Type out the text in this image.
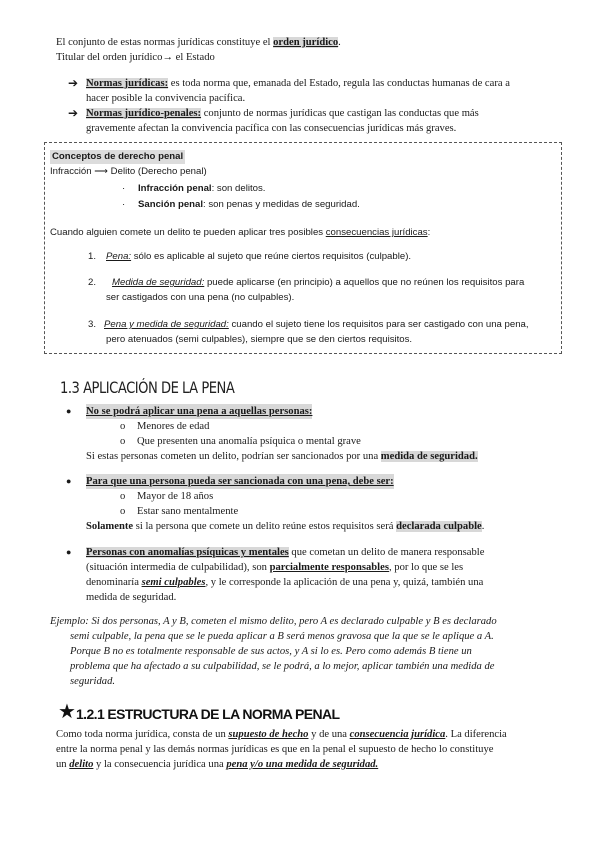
El conjunto de estas normas jurídicas constituye el orden jurídico.
Titular del orden jurídico→ el Estado
➔ Normas jurídicas: es toda norma que, emanada del Estado, regula las conductas humanas de cara a
hacer posible la convivencia pacífica.
➔ Normas jurídico-penales: conjunto de normas jurídicas que castigan las conductas que más
gravemente afectan la convivencia pacífica con las consecuencias jurídicas más graves.
Conceptos de derecho penal
Infracción ⟶ Delito (Derecho penal)
· Infracción penal: son delitos.
· Sanción penal: son penas y medidas de seguridad.
Cuando alguien comete un delito te pueden aplicar tres posibles consecuencias jurídicas:
1. Pena: sólo es aplicable al sujeto que reúne ciertos requisitos (culpable).
2. Medida de seguridad: puede aplicarse (en principio) a aquellos que no reúnen los requisitos para
ser castigados con una pena (no culpables).
3. Pena y medida de seguridad: cuando el sujeto tiene los requisitos para ser castigado con una pena,
pero atenuados (semi culpables), siempre que se den ciertos requisitos.
1.3 APLICACIÓN DE LA PENA
● No se podrá aplicar una pena a aquellas personas:
o Menores de edad
o Que presenten una anomalía psíquica o mental grave
Si estas personas cometen un delito, podrían ser sancionados por una medida de seguridad.
● Para que una persona pueda ser sancionada con una pena, debe ser:
o Mayor de 18 años
o Estar sano mentalmente
Solamente si la persona que comete un delito reúne estos requisitos será declarada culpable.
● Personas con anomalías psíquicas y mentales que cometan un delito de manera responsable
(situación intermedia de culpabilidad), son parcialmente responsables, por lo que se les
denominaría semi culpables, y le corresponde la aplicación de una pena y, quizá, también una
medida de seguridad.
Ejemplo: Si dos personas, A y B, cometen el mismo delito, pero A es declarado culpable y B es declarado
semi culpable, la pena que se le pueda aplicar a B será menos gravosa que la que se le aplique a A.
Porque B no es totalmente responsable de sus actos, y A si lo es. Pero como además B tiene un
problema que ha afectado a su culpabilidad, se le podrá, a lo mejor, aplicar también una medida de
seguridad.
★ 1.2.1 ESTRUCTURA DE LA NORMA PENAL
Como toda norma jurídica, consta de un supuesto de hecho y de una consecuencia jurídica. La diferencia
entre la norma penal y las demás normas jurídicas es que en la penal el supuesto de hecho lo constituye
un delito y la consecuencia jurídica una pena y/o una medida de seguridad.
